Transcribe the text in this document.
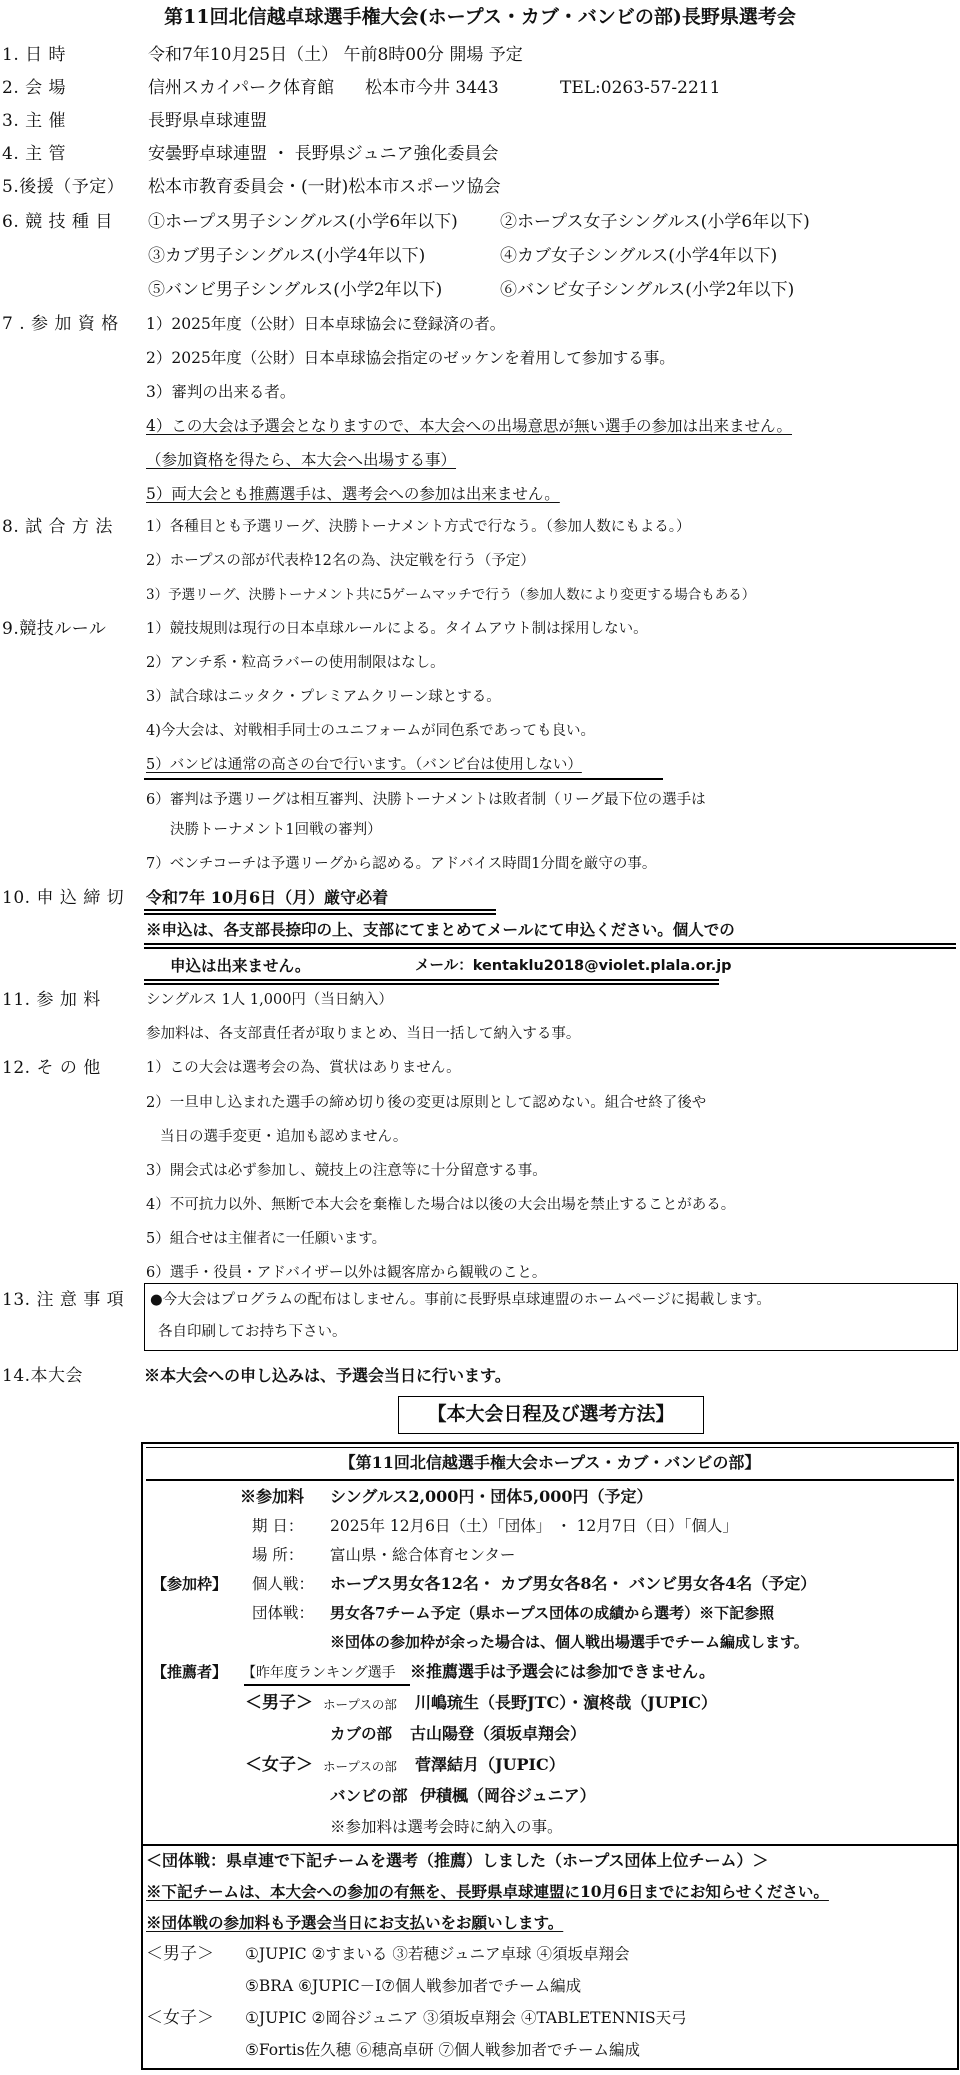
第11回北信越卓球選手権大会(ホープス・カブ・バンビの部)長野県選考会
1. 日 時	令和7年10月25日（土） 午前8時00分 開場 予定
2. 会 場	信州スカイパーク体育館 松本市今井 3443	TEL:0263-57-2211
3. 主 催	長野県卓球連盟
4. 主 管	安曇野卓球連盟 ・ 長野県ジュニア強化委員会
5.後援（予定）	松本市教育委員会・(一財)松本市スポーツ協会
6. 競 技 種 目	①ホープス男子シングルス(小学6年以下) ②ホープス女子シングルス(小学6年以下)
③カブ男子シングルス(小学4年以下)	④カブ女子シングルス(小学4年以下)
⑤バンビ男子シングルス(小学2年以下)	⑥バンビ女子シングルス(小学2年以下)
7 . 参 加 資 格	1）2025年度（公財）日本卓球協会に登録済の者。
2）2025年度（公財）日本卓球協会指定のゼッケンを着用して参加する事。
3）審判の出来る者。
4）この大会は予選会となりますので、本大会への出場意思が無い選手の参加は出来ません。
（参加資格を得たら、本大会へ出場する事）
5）両大会とも推薦選手は、選考会への参加は出来ません。
8. 試 合 方 法	1）各種目とも予選リーグ、決勝トーナメント方式で行なう。（参加人数にもよる。）
2）ホープスの部が代表枠12名の為、決定戦を行う（予定）
3）予選リーグ、決勝トーナメント共に5ゲームマッチで行う（参加人数により変更する場合もある）
9.競技ルール	1）競技規則は現行の日本卓球ルールによる。タイムアウト制は採用しない。
2）アンチ系・粒高ラバーの使用制限はなし。
3）試合球はニッタク・プレミアムクリーン球とする。
4)今大会は、対戦相手同士のユニフォームが同色系であっても良い。
5）バンビは通常の高さの台で行います。（バンビ台は使用しない）
6）審判は予選リーグは相互審判、決勝トーナメントは敗者制（リーグ最下位の選手は
決勝トーナメント1回戦の審判）
7）ベンチコーチは予選リーグから認める。アドバイス時間1分間を厳守の事。
10. 申 込 締 切	令和7年 10月6日（月）厳守必着
※申込は、各支部長捺印の上、支部にてまとめてメールにて申込ください。個人での
申込は出来ません。	メール：kentaklu2018@violet.plala.or.jp
11. 参 加 料	シングルス 1人 1,000円（当日納入）
参加料は、各支部責任者が取りまとめ、当日一括して納入する事。
12. そ の 他	1）この大会は選考会の為、賞状はありません。
2）一旦申し込まれた選手の締め切り後の変更は原則として認めない。組合せ終了後や
当日の選手変更・追加も認めません。
3）開会式は必ず参加し、競技上の注意等に十分留意する事。
4）不可抗力以外、無断で本大会を棄権した場合は以後の大会出場を禁止することがある。
5）組合せは主催者に一任願います。
6）選手・役員・アドバイザー以外は観客席から観戦のこと。
13. 注 意 事 項	●今大会はプログラムの配布はしません。事前に長野県卓球連盟のホームページに掲載します。
各自印刷してお持ち下さい。
14.本大会	※本大会への申し込みは、予選会当日に行います。
【本大会日程及び選考方法】
【第11回北信越選手権大会ホープス・カブ・バンビの部】
※参加料 シングルス2,000円・団体5,000円（予定）
期 日： 2025年 12月6日（土）「団体」 ・ 12月7日（日）「個人」
場 所： 富山県・総合体育センター
【参加枠】 個人戦： ホープス男女各12名・ カブ男女各8名・ バンビ男女各4名（予定）
団体戦： 男女各7チーム予定（県ホープス団体の成績から選考）※下記参照
※団体の参加枠が余った場合は、個人戦出場選手でチーム編成します。
【推薦者】 【昨年度ランキング選手 ※推薦選手は予選会には参加できません。
＜男子＞ ホープスの部 川嶋琉生（長野JTC）・濵柊哉（JUPIC）
カブの部 古山陽登（須坂卓翔会）
＜女子＞ ホープスの部 菅澤結月（JUPIC）
バンビの部 伊積楓（岡谷ジュニア）
※参加料は選考会時に納入の事。
＜団体戦：県卓連で下記チームを選考（推薦）しました（ホープス団体上位チーム）＞
※下記チームは、本大会への参加の有無を、長野県卓球連盟に10月6日までにお知らせください。
※団体戦の参加料も予選会当日にお支払いをお願いします。
＜男子＞ ①JUPIC ②すまいる ③若穂ジュニア卓球 ④須坂卓翔会
⑤BRA ⑥JUPIC－Ⅰ⑦個人戦参加者でチーム編成
＜女子＞ ①JUPIC ②岡谷ジュニア ③須坂卓翔会 ④TABLETENNIS天弓
⑤Fortis佐久穂 ⑥穂高卓研 ⑦個人戦参加者でチーム編成
